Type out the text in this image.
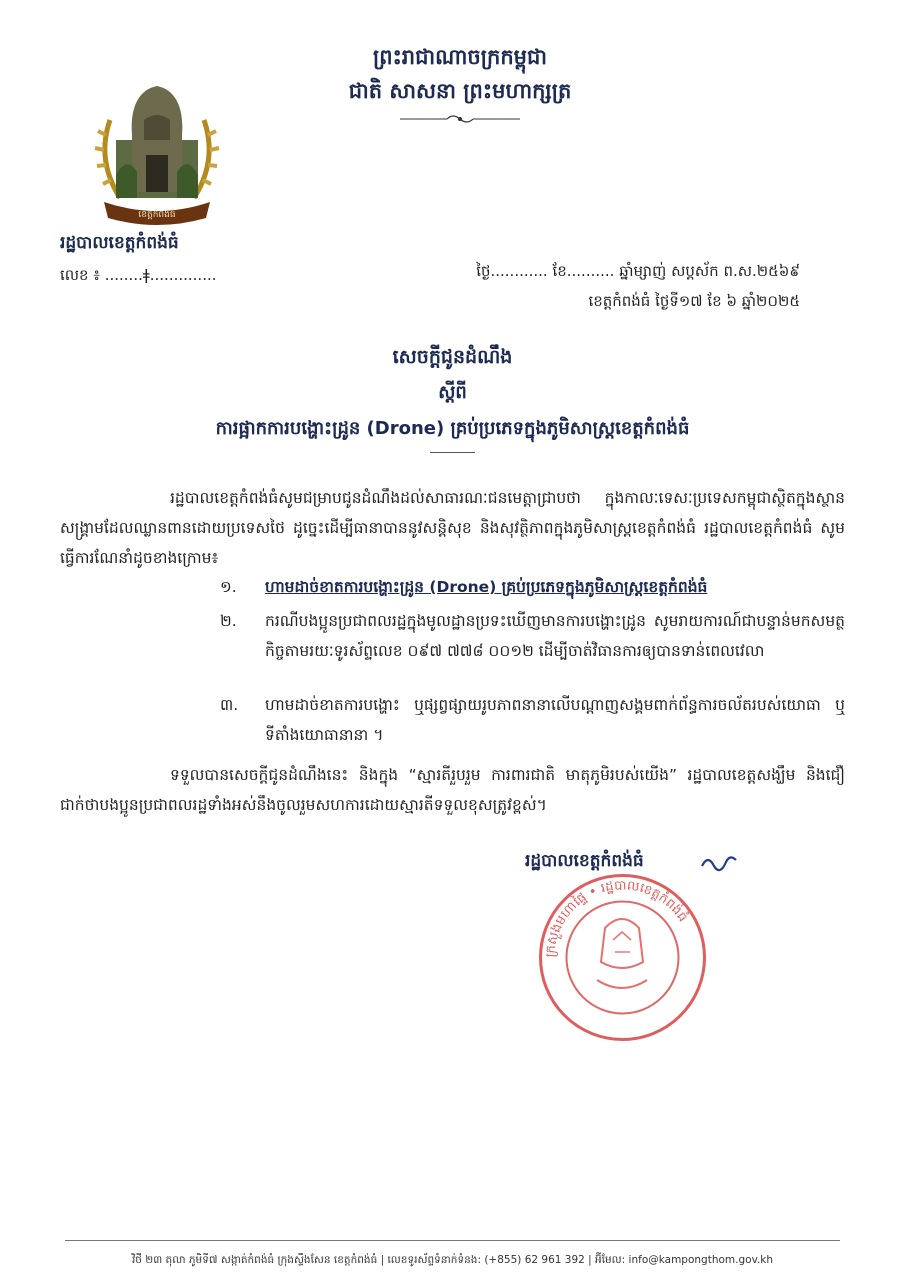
ព្រះរាជាណាចក្រកម្ពុជា
ជាតិ សាសនា ព្រះមហាក្សត្រ
ខេត្តកំពង់ធំ
រដ្ឋបាលខេត្តកំពង់ធំ
លេខ ៖ ........ǂ..............	ថ្ងៃ............ ខែ.......... ឆ្នាំម្សាញ់ សប្តស័ក ព.ស.២៥៦៩
ខេត្តកំពង់ធំ ថ្ងៃទី១៧ ខែ ៦ ឆ្នាំ២០២៥
សេចក្តីជូនដំណឹង
ស្តីពី
ការផ្អាកការបង្ហោះដ្រូន (Drone) គ្រប់ប្រភេទក្នុងភូមិសាស្ត្រខេត្តកំពង់ធំ
រដ្ឋបាលខេត្តកំពង់ធំសូមជម្រាបជូនដំណឹងដល់សាធារណៈជនមេត្តាជ្រាបថា ក្នុងកាលៈទេសៈប្រទេសកម្ពុជាស្ថិតក្នុងស្ថានសង្គ្រាមដែលឈ្លានពានដោយប្រទេសថៃ ដូច្នេះដើម្បីធានាបាននូវសន្តិសុខ និងសុវត្ថិភាពក្នុងភូមិសាស្ត្រខេត្តកំពង់ធំ រដ្ឋបាលខេត្តកំពង់ធំ សូមធ្វើការណែនាំដូចខាងក្រោម៖
១. ហាមដាច់ខាតការបង្ហោះដ្រូន (Drone) គ្រប់ប្រភេទក្នុងភូមិសាស្ត្រខេត្តកំពង់ធំ
២. ករណីបងប្អូនប្រជាពលរដ្ឋក្នុងមូលដ្ឋានប្រទះឃើញមានការបង្ហោះដ្រូន សូមរាយការណ៍ជាបន្ទាន់មកសមត្ថកិច្ចតាមរយៈទូរស័ព្ទលេខ ០៩៧ ៧៧៨ ០០១២ ដើម្បីចាត់វិធានការឲ្យបានទាន់ពេលវេលា
៣. ហាមដាច់ខាតការបង្ហោះ ឬផ្សព្វផ្សាយរូបភាពនានាលើបណ្តាញសង្គមពាក់ព័ន្ធការចល័តរបស់យោធា ឬទីតាំងយោធានានា ។
ទទួលបានសេចក្តីជូនដំណឹងនេះ និងក្នុង “ស្មារតីរួបរួម ការពារជាតិ មាតុភូមិរបស់យើង” រដ្ឋបាលខេត្តសង្ឃឹម និងជឿជាក់ថាបងប្អូនប្រជាពលរដ្ឋទាំងអស់នឹងចូលរួមសហការដោយស្មារតីទទួលខុសត្រូវខ្ពស់។
រដ្ឋបាលខេត្តកំពង់ធំ
ក្រសួងមហាផ្ទៃ • រដ្ឋបាលខេត្តកំពង់ធំ
វិថី ២៣ តុលា ភូមិទី៧ សង្កាត់កំពង់ធំ ក្រុងស្ទឹងសែន ខេត្តកំពង់ធំ | លេខទូរស័ព្ទទំនាក់ទំនង: (+855) 62 961 392 | អ៊ីមែល: info@kampongthom.gov.kh
